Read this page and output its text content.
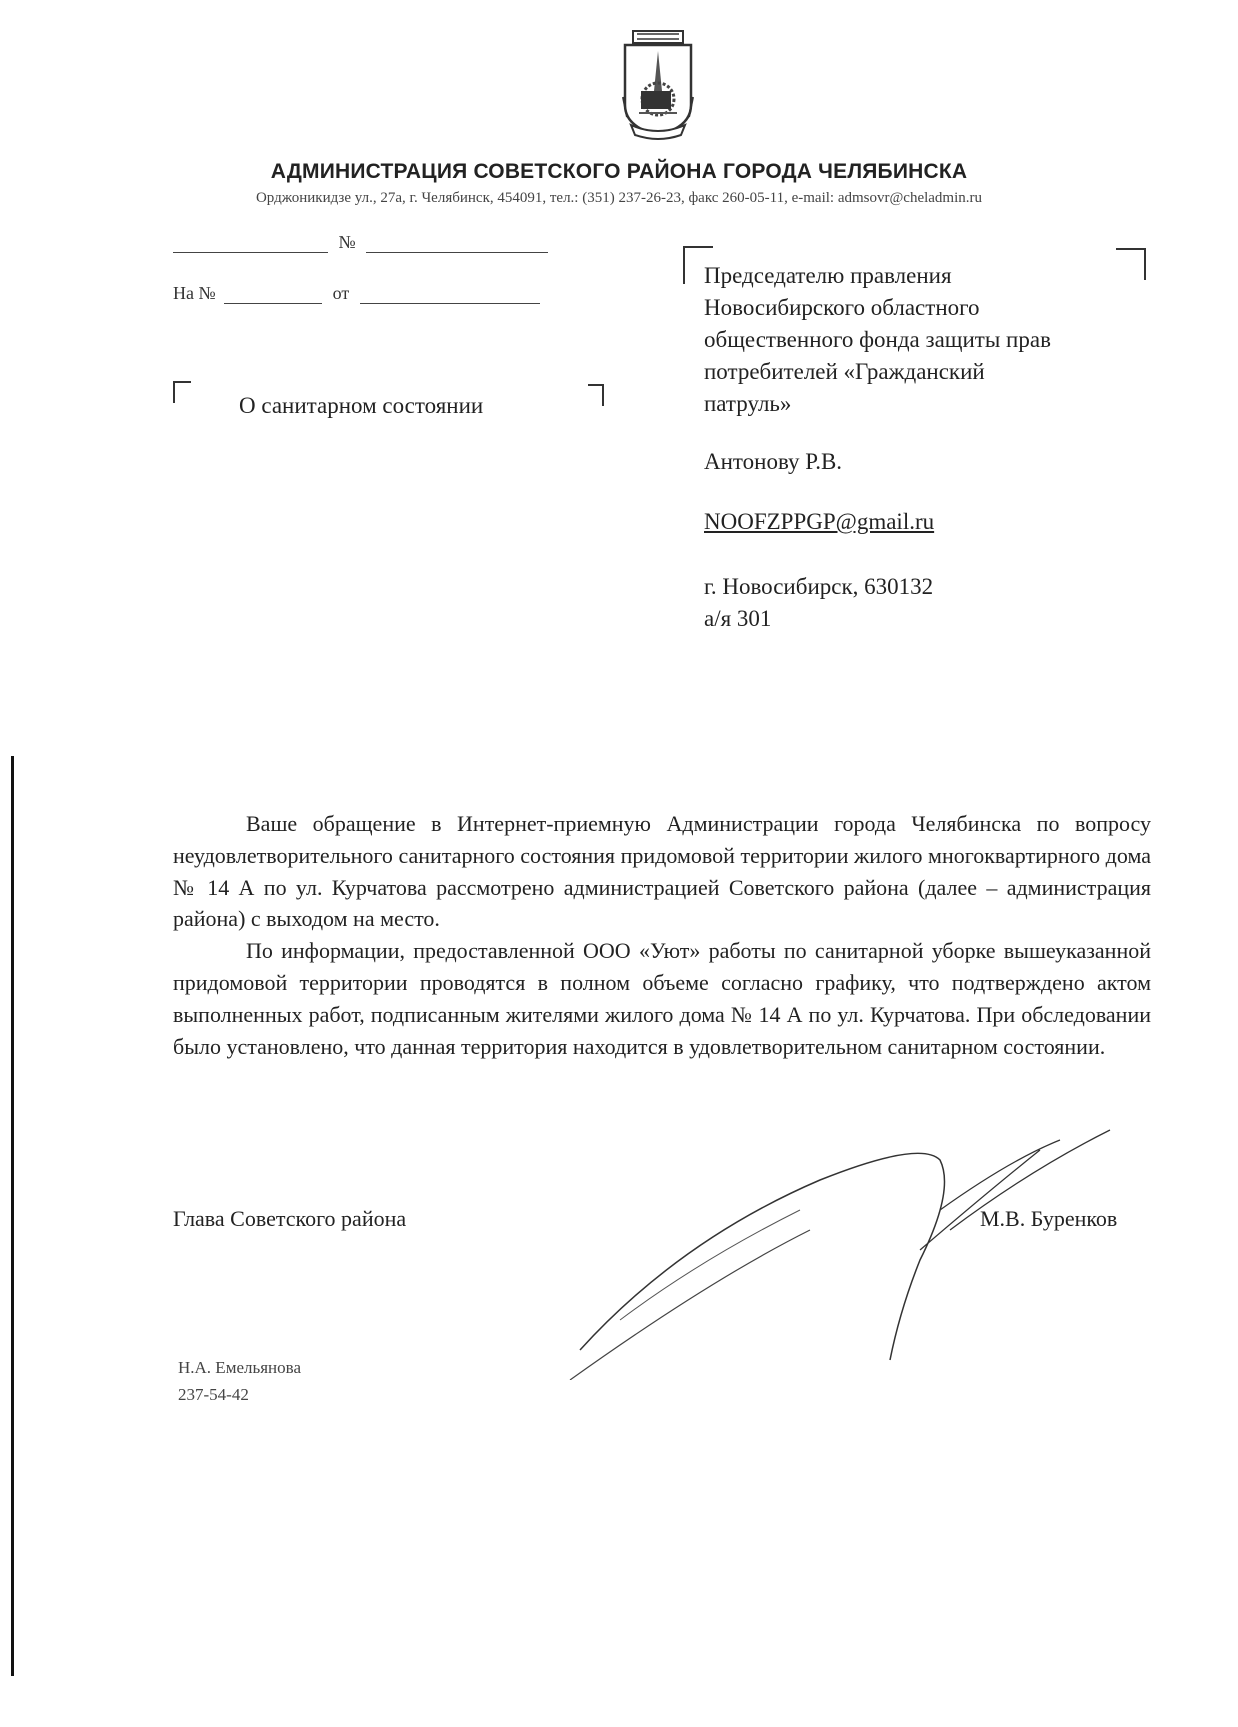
АДМИНИСТРАЦИЯ СОВЕТСКОГО РАЙОНА ГОРОДА ЧЕЛЯБИНСКА
Орджоникидзе ул., 27а, г. Челябинск, 454091, тел.: (351) 237-26-23, факс 260-05-11, e-mail: admsovr@cheladmin.ru
№
На №	от
О санитарном состоянии
Председателю правления
Новосибирского областного
общественного фонда защиты прав
потребителей «Гражданский
патруль»
Антонову Р.В.
NOOFZPPGP@gmail.ru
г. Новосибирск, 630132
а/я 301

Ваше обращение в Интернет-приемную Администрации города Челябинска по вопросу неудовлетворительного санитарного состояния придомовой территории жилого многоквартирного дома № 14 А по ул. Курчатова рассмотрено администрацией Советского района (далее – администрация района) с выходом на место.

По информации, предоставленной ООО «Уют» работы по санитарной уборке вышеуказанной придомовой территории проводятся в полном объеме согласно графику, что подтверждено актом выполненных работ, подписанным жителями жилого дома № 14 А по ул. Курчатова. При обследовании было установлено, что данная территория находится в удовлетворительном санитарном состоянии.

Глава Советского района	М.В. Буренков
Н.А. Емельянова
237-54-42
